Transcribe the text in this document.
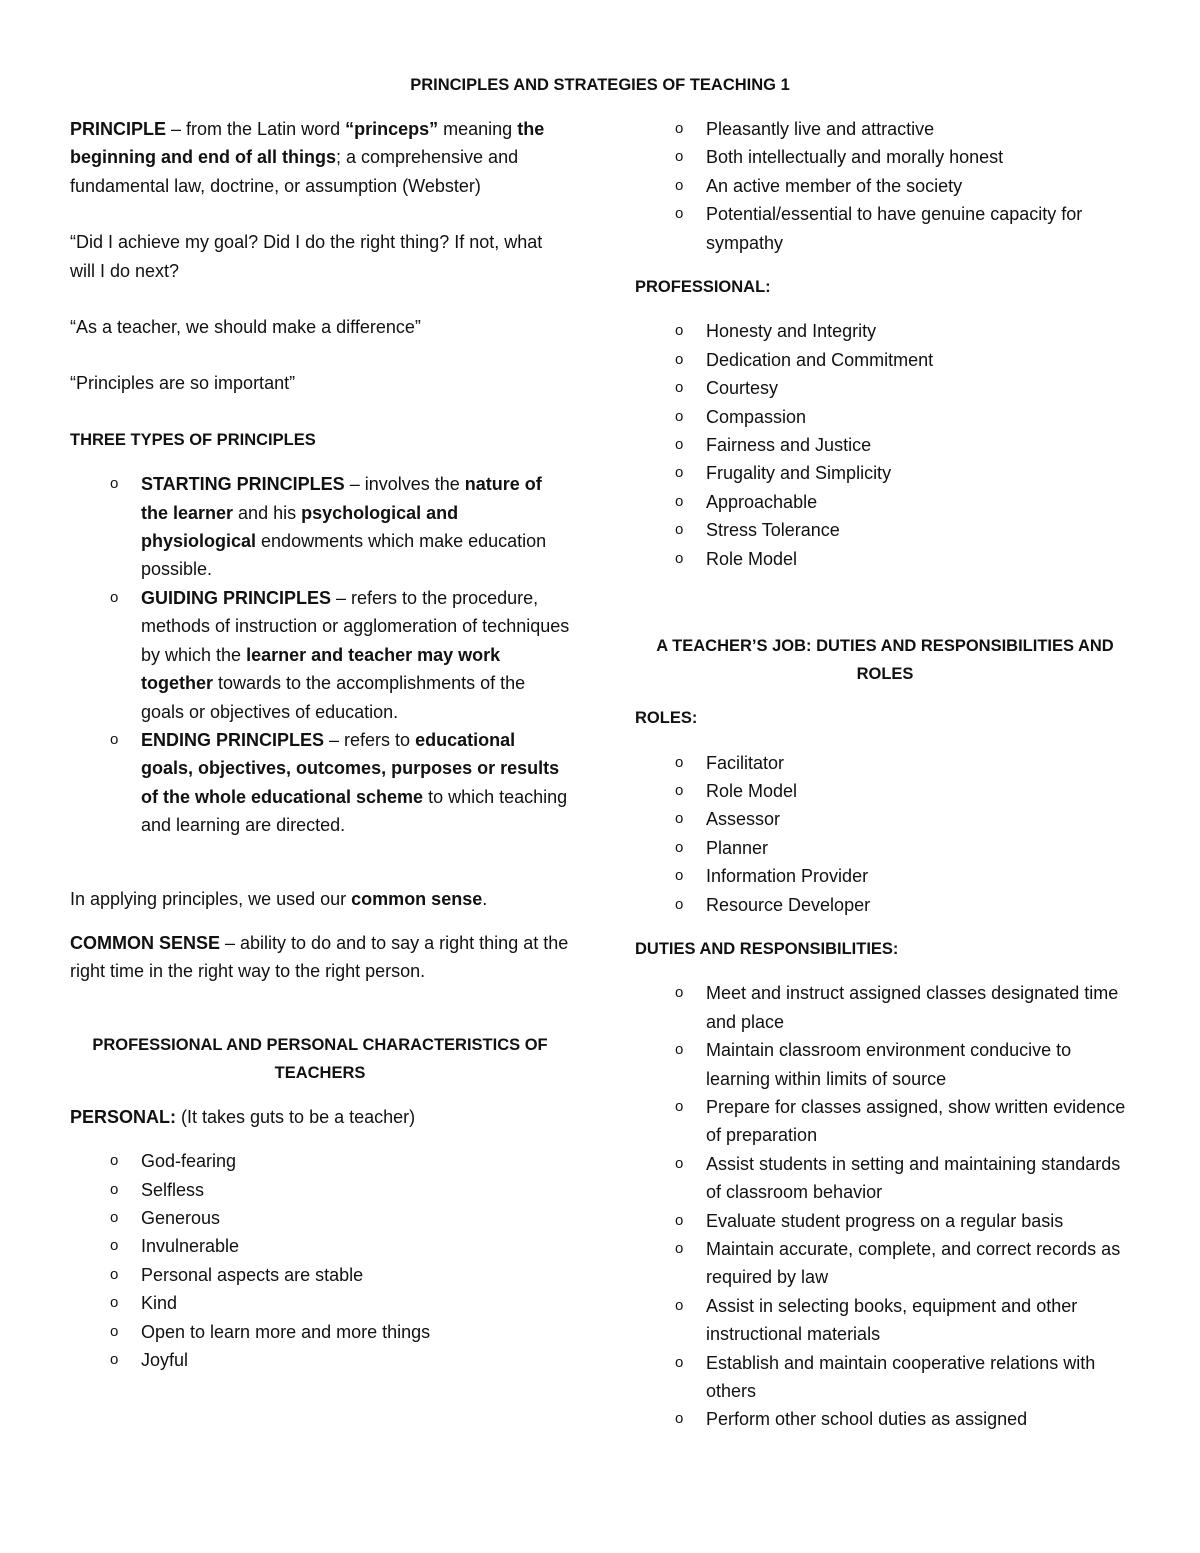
PRINCIPLES AND STRATEGIES OF TEACHING 1

PRINCIPLE – from the Latin word “princeps” meaning the beginning and end of all things; a comprehensive and fundamental law, doctrine, or assumption (Webster)

“Did I achieve my goal? Did I do the right thing? If not, what will I do next?

“As a teacher, we should make a difference”

“Principles are so important”

THREE TYPES OF PRINCIPLES

o STARTING PRINCIPLES – involves the nature of the learner and his psychological and physiological endowments which make education possible.
o GUIDING PRINCIPLES – refers to the procedure, methods of instruction or agglomeration of techniques by which the learner and teacher may work together towards to the accomplishments of the goals or objectives of education.
o ENDING PRINCIPLES – refers to educational goals, objectives, outcomes, purposes or results of the whole educational scheme to which teaching and learning are directed.

In applying principles, we used our common sense.

COMMON SENSE – ability to do and to say a right thing at the right time in the right way to the right person.

PROFESSIONAL AND PERSONAL CHARACTERISTICS OF TEACHERS

PERSONAL: (It takes guts to be a teacher)

o God-fearing
o Selfless
o Generous
o Invulnerable
o Personal aspects are stable
o Kind
o Open to learn more and more things
o Joyful
o Pleasantly live and attractive
o Both intellectually and morally honest
o An active member of the society
o Potential/essential to have genuine capacity for sympathy

PROFESSIONAL:

o Honesty and Integrity
o Dedication and Commitment
o Courtesy
o Compassion
o Fairness and Justice
o Frugality and Simplicity
o Approachable
o Stress Tolerance
o Role Model

A TEACHER’S JOB: DUTIES AND RESPONSIBILITIES AND ROLES

ROLES:

o Facilitator
o Role Model
o Assessor
o Planner
o Information Provider
o Resource Developer

DUTIES AND RESPONSIBILITIES:

o Meet and instruct assigned classes designated time and place
o Maintain classroom environment conducive to learning within limits of source
o Prepare for classes assigned, show written evidence of preparation
o Assist students in setting and maintaining standards of classroom behavior
o Evaluate student progress on a regular basis
o Maintain accurate, complete, and correct records as required by law
o Assist in selecting books, equipment and other instructional materials
o Establish and maintain cooperative relations with others
o Perform other school duties as assigned
